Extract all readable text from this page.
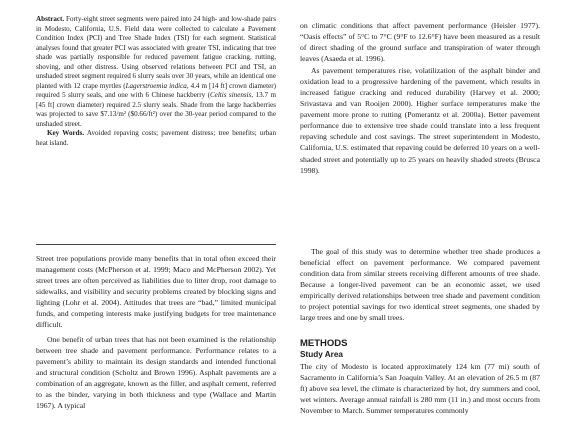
Abstract. Forty-eight street segments were paired into 24 high- and low-shade pairs in Modesto, California, U.S. Field data were collected to calculate a Pavement Condition Index (PCI) and Tree Shade Index (TSI) for each segment. Statistical analyses found that greater PCI was associated with greater TSI, indicating that tree shade was partially responsible for reduced pavement fatigue cracking, rutting, shoving, and other distress. Using observed relations between PCI and TSI, an unshaded street segment required 6 slurry seals over 30 years, while an identical one planted with 12 crape myrtles (Lagerstroemia indica, 4.4 m [14 ft] crown diameter) required 5 slurry seals, and one with 6 Chinese hackberry (Celtis sinensis, 13.7 m [45 ft] crown diameter) required 2.5 slurry seals. Shade from the large hackberries was projected to save $7.13/m² ($0.66/ft²) over the 30-year period compared to the unshaded street.

Key Words. Avoided repaving costs; pavement distress; tree benefits; urban heat island.

Street tree populations provide many benefits that in total often exceed their management costs (McPherson et al. 1999; Maco and McPherson 2002). Yet street trees are often perceived as liabilities due to litter drop, root damage to sidewalks, and visibility and security problems created by blocking signs and lighting (Lohr et al. 2004). Attitudes that trees are “bad,” limited municipal funds, and competing interests make justifying budgets for tree maintenance difficult.

One benefit of urban trees that has not been examined is the relationship between tree shade and pavement performance. Performance relates to a pavement’s ability to maintain its design standards and intended functional and structural condition (Scholtz and Brown 1996). Asphalt pavements are a combination of an aggregate, known as the filler, and asphalt cement, referred to as the binder, varying in both thickness and type (Wallace and Martin 1967). A typical

on climatic conditions that affect pavement performance (Heisler 1977). “Oasis effects” of 5°C to 7°C (9°F to 12.6°F) have been measured as a result of direct shading of the ground surface and transpiration of water through leaves (Asaeda et al. 1996).

As pavement temperatures rise, volatilization of the asphalt binder and oxidation lead to a progressive hardening of the pavement, which results in increased fatigue cracking and reduced durability (Harvey et al. 2000; Srivastava and van Rooijen 2000). Higher surface temperatures make the pavement more prone to rutting (Pomerantz et al. 2000a). Better pavement performance due to extensive tree shade could translate into a less frequent repaving schedule and cost savings. The street superintendent in Modesto, California, U.S. estimated that repaving could be deferred 10 years on a well-shaded street and potentially up to 25 years on heavily shaded streets (Brusca 1998).

The goal of this study was to determine whether tree shade produces a beneficial effect on pavement performance. We compared pavement condition data from similar streets receiving different amounts of tree shade. Because a longer-lived pavement can be an economic asset, we used empirically derived relationships between tree shade and pavement condition to project potential savings for two identical street segments, one shaded by large trees and one by small trees.

METHODS
Study Area

The city of Modesto is located approximately 124 km (77 mi) south of Sacramento in California’s San Joaquin Valley. At an elevation of 26.5 m (87 ft) above sea level, the climate is characterized by hot, dry summers and cool, wet winters. Average annual rainfall is 280 mm (11 in.) and most occurs from November to March. Summer temperatures commonly
